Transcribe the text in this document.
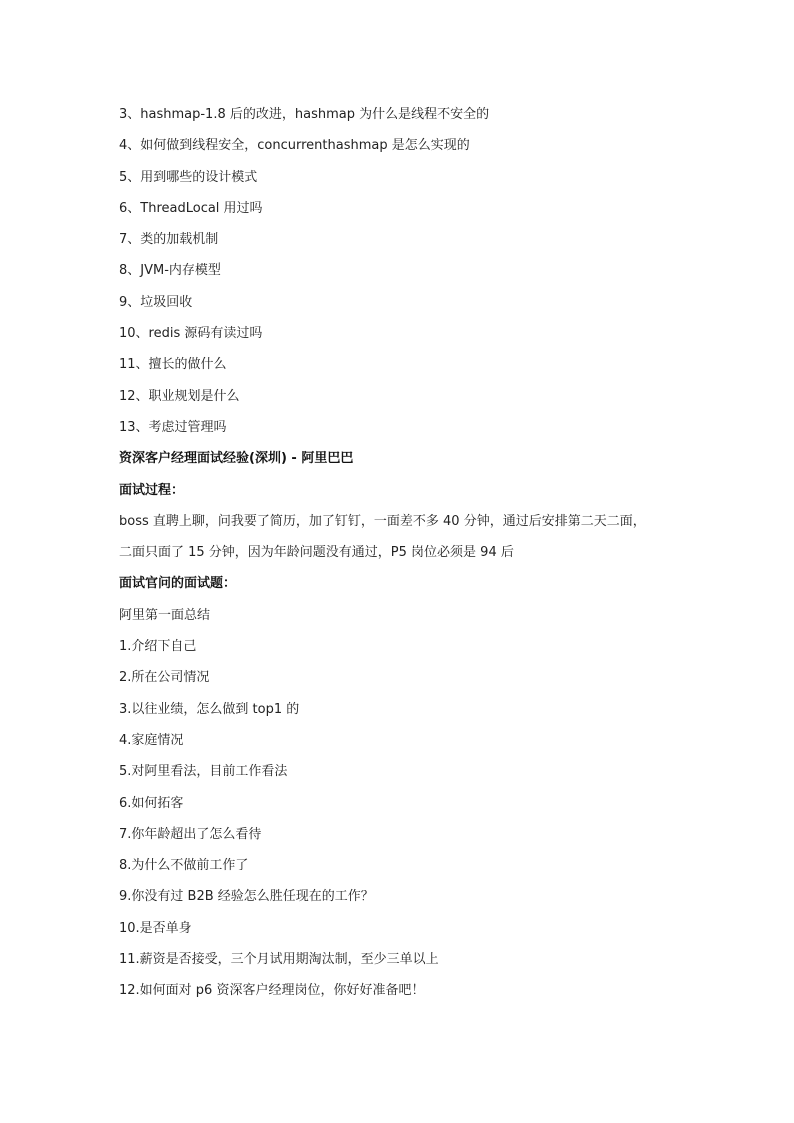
3、hashmap-1.8 后的改进，hashmap 为什么是线程不安全的
4、如何做到线程安全，concurrenthashmap 是怎么实现的
5、用到哪些的设计模式
6、ThreadLocal 用过吗
7、类的加载机制
8、JVM-内存模型
9、垃圾回收
10、redis 源码有读过吗
11、擅长的做什么
12、职业规划是什么
13、考虑过管理吗
资深客户经理面试经验(深圳) - 阿里巴巴
面试过程：
boss 直聘上聊，问我要了简历，加了钉钉，一面差不多 40 分钟，通过后安排第二天二面，
二面只面了 15 分钟，因为年龄问题没有通过，P5 岗位必须是 94 后
面试官问的面试题：
阿里第一面总结
1.介绍下自己
2.所在公司情况
3.以往业绩，怎么做到 top1 的
4.家庭情况
5.对阿里看法，目前工作看法
6.如何拓客
7.你年龄超出了怎么看待
8.为什么不做前工作了
9.你没有过 B2B 经验怎么胜任现在的工作？
10.是否单身
11.薪资是否接受，三个月试用期淘汰制，至少三单以上
12.如何面对 p6 资深客户经理岗位，你好好准备吧！
